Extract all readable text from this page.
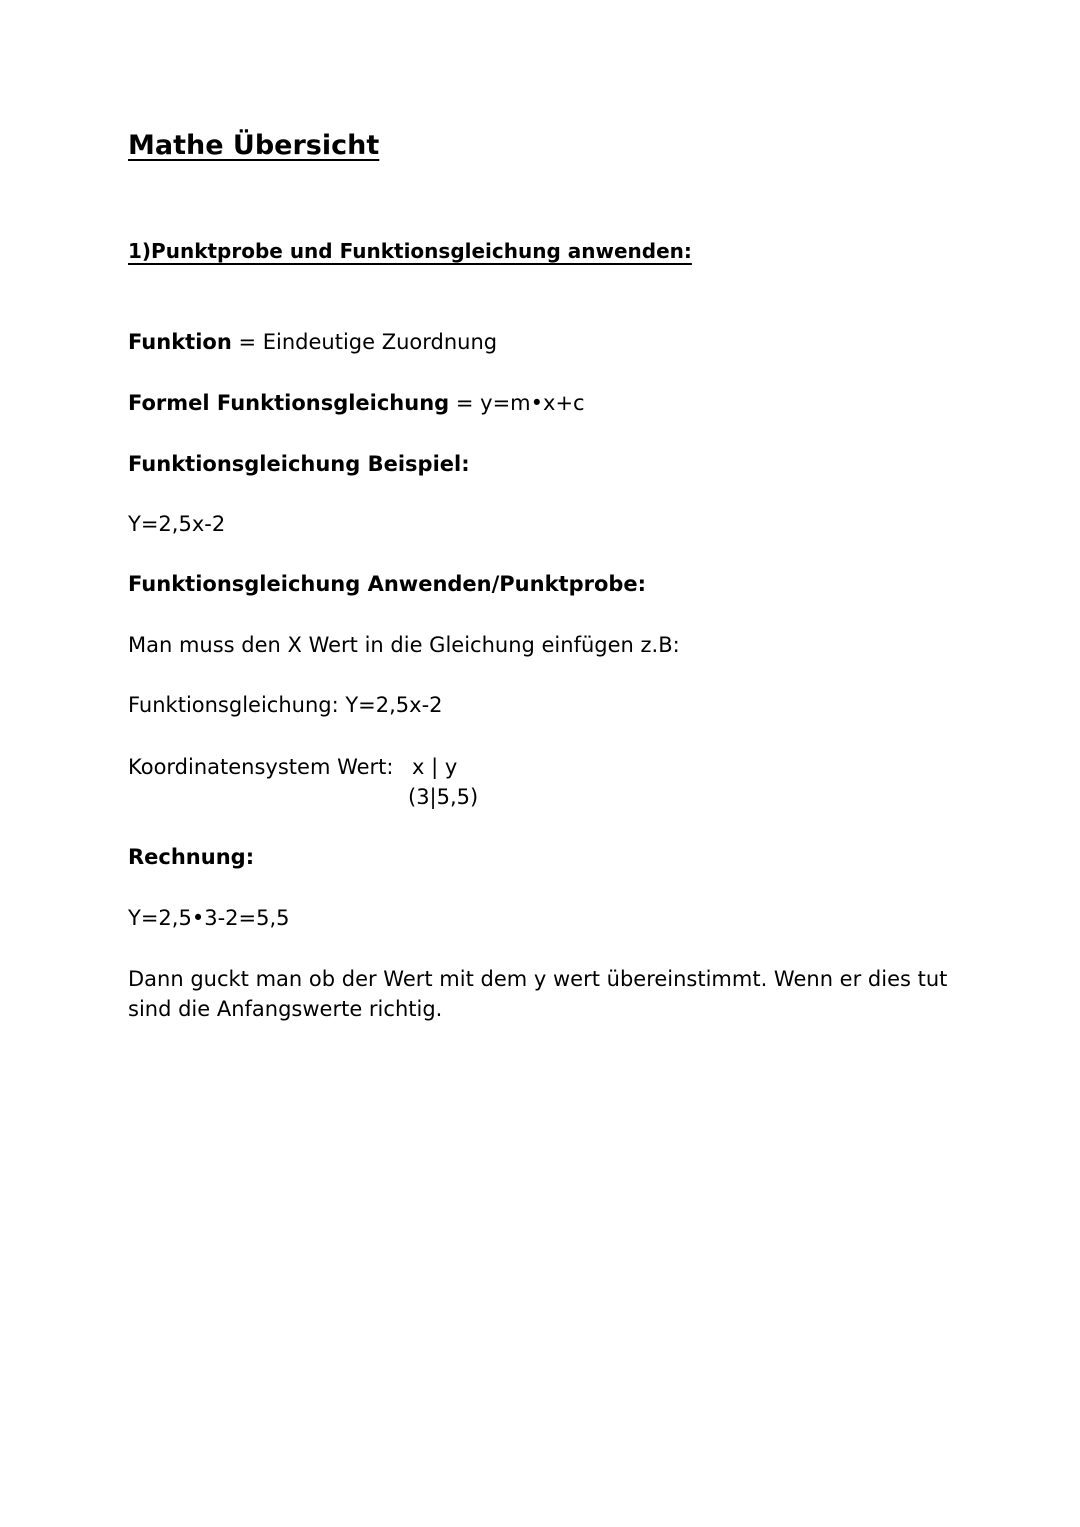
Mathe Übersicht
1)Punktprobe und Funktionsgleichung anwenden:
Funktion = Eindeutige Zuordnung
Formel Funktionsgleichung = y=m•x+c
Funktionsgleichung Beispiel:
Y=2,5x-2
Funktionsgleichung Anwenden/Punktprobe:
Man muss den X Wert in die Gleichung einfügen z.B:
Funktionsgleichung: Y=2,5x-2
Koordinatensystem Wert: x | y
(3|5,5)
Rechnung:
Y=2,5•3-2=5,5
Dann guckt man ob der Wert mit dem y wert übereinstimmt. Wenn er dies tut sind die Anfangswerte richtig.
